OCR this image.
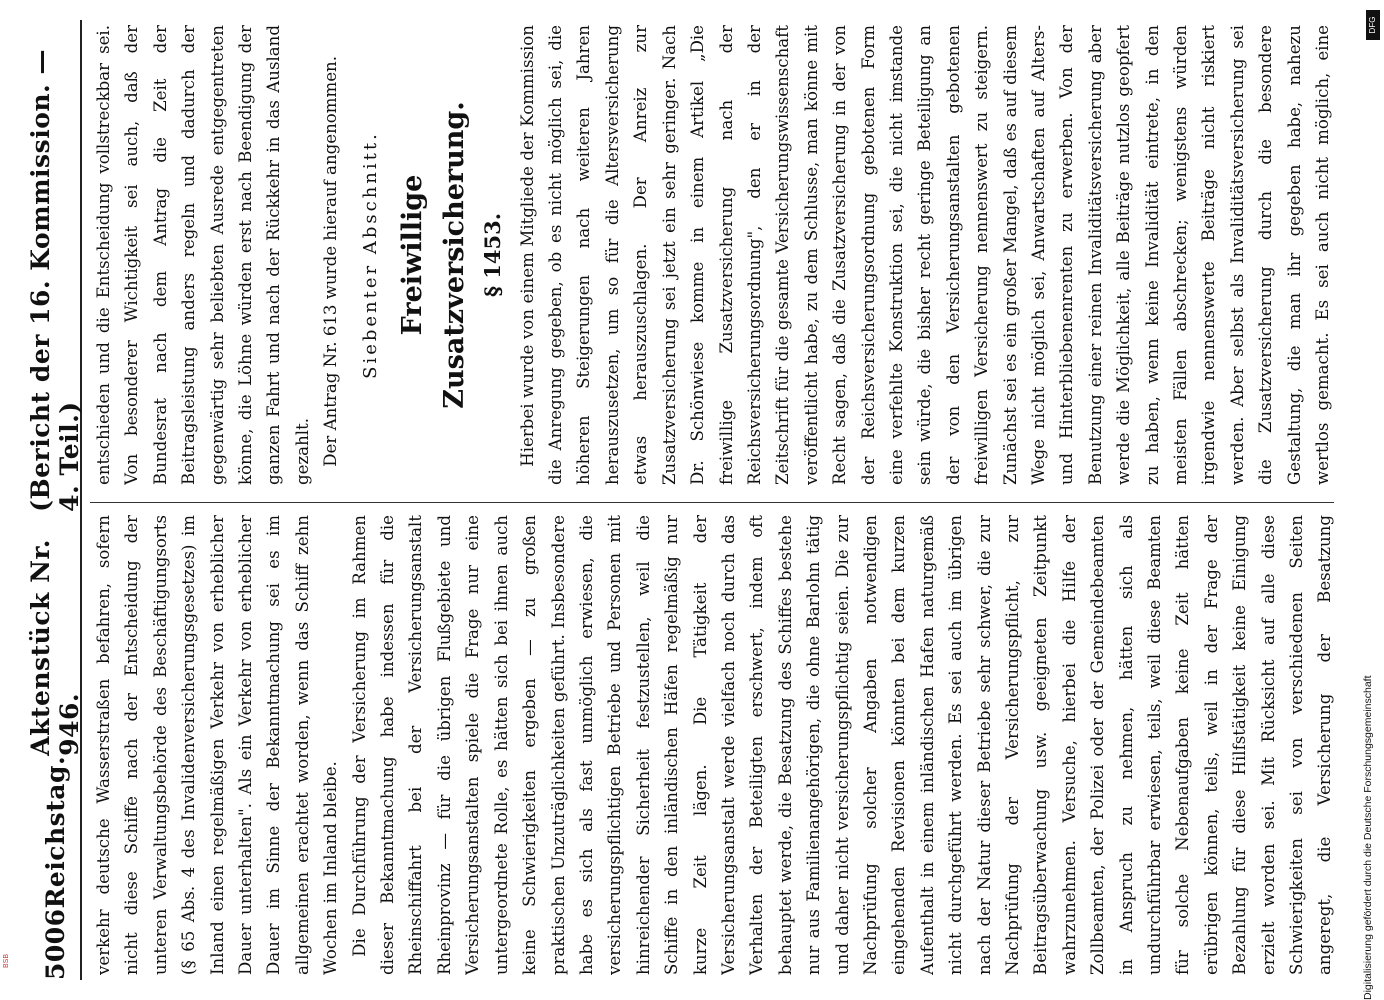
5006
Reichstag.
Aktenstück Nr. 946.
(Bericht der 16. Kommission. — 4. Teil.)

verkehr deutsche Wasserstraßen befahren, sofern nicht diese Schiffe nach der Entscheidung der unteren Verwaltungsbehörde des Beschäftigungsorts (§ 65 Abs. 4 des Invalidenversicherungsgesetzes) im Inland einen regelmäßigen Verkehr von erheblicher Dauer unterhalten". Als ein Verkehr von erheblicher Dauer im Sinne der Bekanntmachung sei es im allgemeinen erachtet worden, wenn das Schiff zehn Wochen im Inland bleibe. Die Durchführung der Versicherung im Rahmen dieser Bekanntmachung habe indessen für die Rheinschiffahrt bei der Versicherungsanstalt Rheinprovinz — für die übrigen Flußgebiete und Versicherungsanstalten spiele die Frage nur eine untergeordnete Rolle, es hätten sich bei ihnen auch keine Schwierigkeiten ergeben — zu großen praktischen Unzuträglichkeiten geführt. Insbesondere habe es sich als fast unmöglich erwiesen, die versicherungspflichtigen Betriebe und Personen mit hinreichender Sicherheit festzustellen, weil die Schiffe in den inländischen Häfen regelmäßig nur kurze Zeit lägen. Die Tätigkeit der Versicherungsanstalt werde vielfach noch durch das Verhalten der Beteiligten erschwert, indem oft behauptet werde, die Besatzung des Schiffes bestehe nur aus Familienangehörigen, die ohne Barlohn tätig und daher nicht versicherungspflichtig seien. Die zur Nachprüfung solcher Angaben notwendigen eingehenden Revisionen könnten bei dem kurzen Aufenthalt in einem inländischen Hafen naturgemäß nicht durchgeführt werden. Es sei auch im übrigen nach der Natur dieser Betriebe sehr schwer, die zur Nachprüfung der Versicherungspflicht, zur Beitragsüberwachung usw. geeigneten Zeitpunkt wahrzunehmen. Versuche, hierbei die Hilfe der Zollbeamten, der Polizei oder der Gemeindebeamten in Anspruch zu nehmen, hätten sich als undurchführbar erwiesen, teils, weil diese Beamten für solche Nebenaufgaben keine Zeit hätten erübrigen können, teils, weil in der Frage der Bezahlung für diese Hilfstätigkeit keine Einigung erzielt worden sei. Mit Rücksicht auf alle diese Schwierigkeiten sei von verschiedenen Seiten angeregt, die Versicherung der Besatzung

entschieden und die Entscheidung vollstreckbar sei. Von besonderer Wichtigkeit sei auch, daß der Bundesrat nach dem Antrag die Zeit der Beitragsleistung anders regeln und dadurch der gegenwärtig sehr beliebten Ausrede entgegentreten könne, die Löhne würden erst nach Beendigung der ganzen Fahrt und nach der Rückkehr in das Ausland gezahlt. Der Antrag Nr. 613 wurde hierauf angenommen.	Siebenter Abschnitt. Freiwillige Zusatzversicherung. § 1453.

Hierbei wurde von einem Mitgliede der Kommission die Anregung gegeben, ob es nicht möglich sei, die höheren Steigerungen nach weiteren Jahren herauszusetzen, um so für die Altersversicherung etwas herauszuschlagen. Der Anreiz zur Zusatzversicherung sei jetzt ein sehr geringer. Nach Dr. Schönwiese komme in einem Artikel „Die freiwillige Zusatzversicherung nach der Reichsversicherungsordnung", den er in der Zeitschrift für die gesamte Versicherungswissenschaft veröffentlicht habe, zu dem Schlusse, man könne mit Recht sagen, daß die Zusatzversicherung in der von der Reichsversicherungsordnung gebotenen Form eine verfehlte Konstruktion sei, die nicht imstande sein würde, die bisher recht geringe Beteiligung an der von den Versicherungsanstalten gebotenen freiwilligen Versicherung nennenswert zu steigern. Zunächst sei es ein großer Mangel, daß es auf diesem Wege nicht möglich sei, Anwartschaften auf Alters- und Hinterbliebenenrenten zu erwerben. Von der Benutzung einer reinen Invaliditätsversicherung aber werde die Möglichkeit, alle Beiträge nutzlos geopfert zu haben, wenn keine Invalidität eintrete, in den meisten Fällen abschrecken; wenigstens würden irgendwie nennenswerte Beiträge nicht riskiert werden. Aber selbst als Invaliditätsversicherung sei die Zusatzversicherung durch die besondere Gestaltung, die man ihr gegeben habe, nahezu wertlos gemacht. Es sei auch nicht möglich, eine

Digitalisierung gefördert durch die Deutsche Forschungsgemeinschaft
DFG
BSB
